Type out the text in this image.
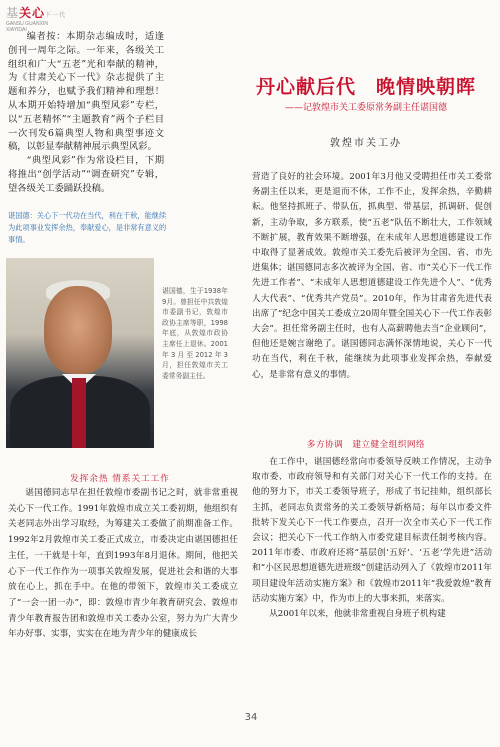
基关心下一代
GANSU GUANXIN
XIAYIDAI

编者按：本期杂志编成时，适逢创刊一周年之际。一年来，各级关工组织和广大“五老”光和奉献的精神，为《甘肃关心下一代》杂志提供了主题和养分，也赋予我们精神和理想！从本期开始特增加“典型风彩”专栏，以“五老精怀”“主题教育”两个子栏目一次刊发6篇典型人物和典型事迹文稿，以彰显奉献精神展示典型风彩。

“典型风彩”作为常设栏目，下期将推出“创学活动”“调查研究”专辑，望各级关工委踊跃投稿。

谌国德：关心下一代功在当代，利在千秋，能继续为此项事业发挥余热，奉献爱心，是非常有意义的事情。
谌国德，生于1938年9月。曾担任中共敦煌市委副书记，敦煌市政协主席等职，1998年底，从敦煌市政协主席任上退休。2001年3月至2012年3月，担任敦煌市关工委常务副主任。
发挥余热 情系关工工作

谌国德同志早在担任敦煌市委副书记之时，就非常重视关心下一代工作。1991年敦煌市成立关工委初期，他组织有关老同志外出学习取经，为筹建关工委做了前期准备工作。1992年2月敦煌市关工委正式成立，市委决定由谌国德担任主任，一干就是十年，直到1993年8月退休。期间，他把关心下一代工作作为一项事关敦煌发展，促进社会和谐的大事放在心上，抓在手中。在他的带领下，敦煌市关工委成立了“一会一团一办”，即：敦煌市青少年教育研究会、敦煌市青少年教育报告团和敦煌市关工委办公室，努力为广大青少年办好事、实事，实实在在地为青少年的健康成长

丹心献后代　晚情映朝晖
——记敦煌市关工委原常务副主任谌国德
敦煌市关工办

营造了良好的社会环境。2001年3月他又受聘担任市关工委常务副主任以来，更是退而不休，工作不止，发挥余热，辛勤耕耘。他坚持抓班子、带队伍，抓典型、带基层，抓调研、促创新，主动争取，多方联系，使“五老”队伍不断壮大，工作领域不断扩展，教育效果不断增强，在未成年人思想道德建设工作中取得了显著成效。敦煌市关工委先后被评为全国、省、市先进集体；谌国德同志多次被评为全国、省、市“关心下一代工作先进工作者”、“未成年人思想道德建设工作先进个人”、“优秀人大代表”、“优秀共产党员”。2010年，作为甘肃省先进代表出席了“纪念中国关工委成立20周年暨全国关心下一代工作表彰大会”。担任常务副主任时，也有人高薪聘他去当“企业顾问”，但他还是婉言谢绝了。谌国德同志满怀深情地说，关心下一代功在当代，利在千秋，能继续为此项事业发挥余热，奉献爱心，是非常有意义的事情。

多方协调　建立健全组织网络

在工作中，谌国德经常向市委领导反映工作情况，主动争取市委、市政府领导和有关部门对关心下一代工作的支持。在他的努力下，市关工委领导班子，形成了书记挂帅，组织部长主抓，老同志负责常务的关工委领导新格局；每年以市委文件批转下发关心下一代工作要点，召开一次全市关心下一代工作会议；把关心下一代工作纳入市委党建目标责任制考核内容。2011年市委、市政府还将“基层创‘五好’、‘五老’学先进”活动和“小区民思想道德先进班级”创建活动列入了《敦煌市2011年项目建设年活动实施方案》和《敦煌市2011年“我爱敦煌”教育活动实施方案》中，作为市上的大事来抓，来落实。

从2001年以来，他就非常重视自身班子机构建

34
